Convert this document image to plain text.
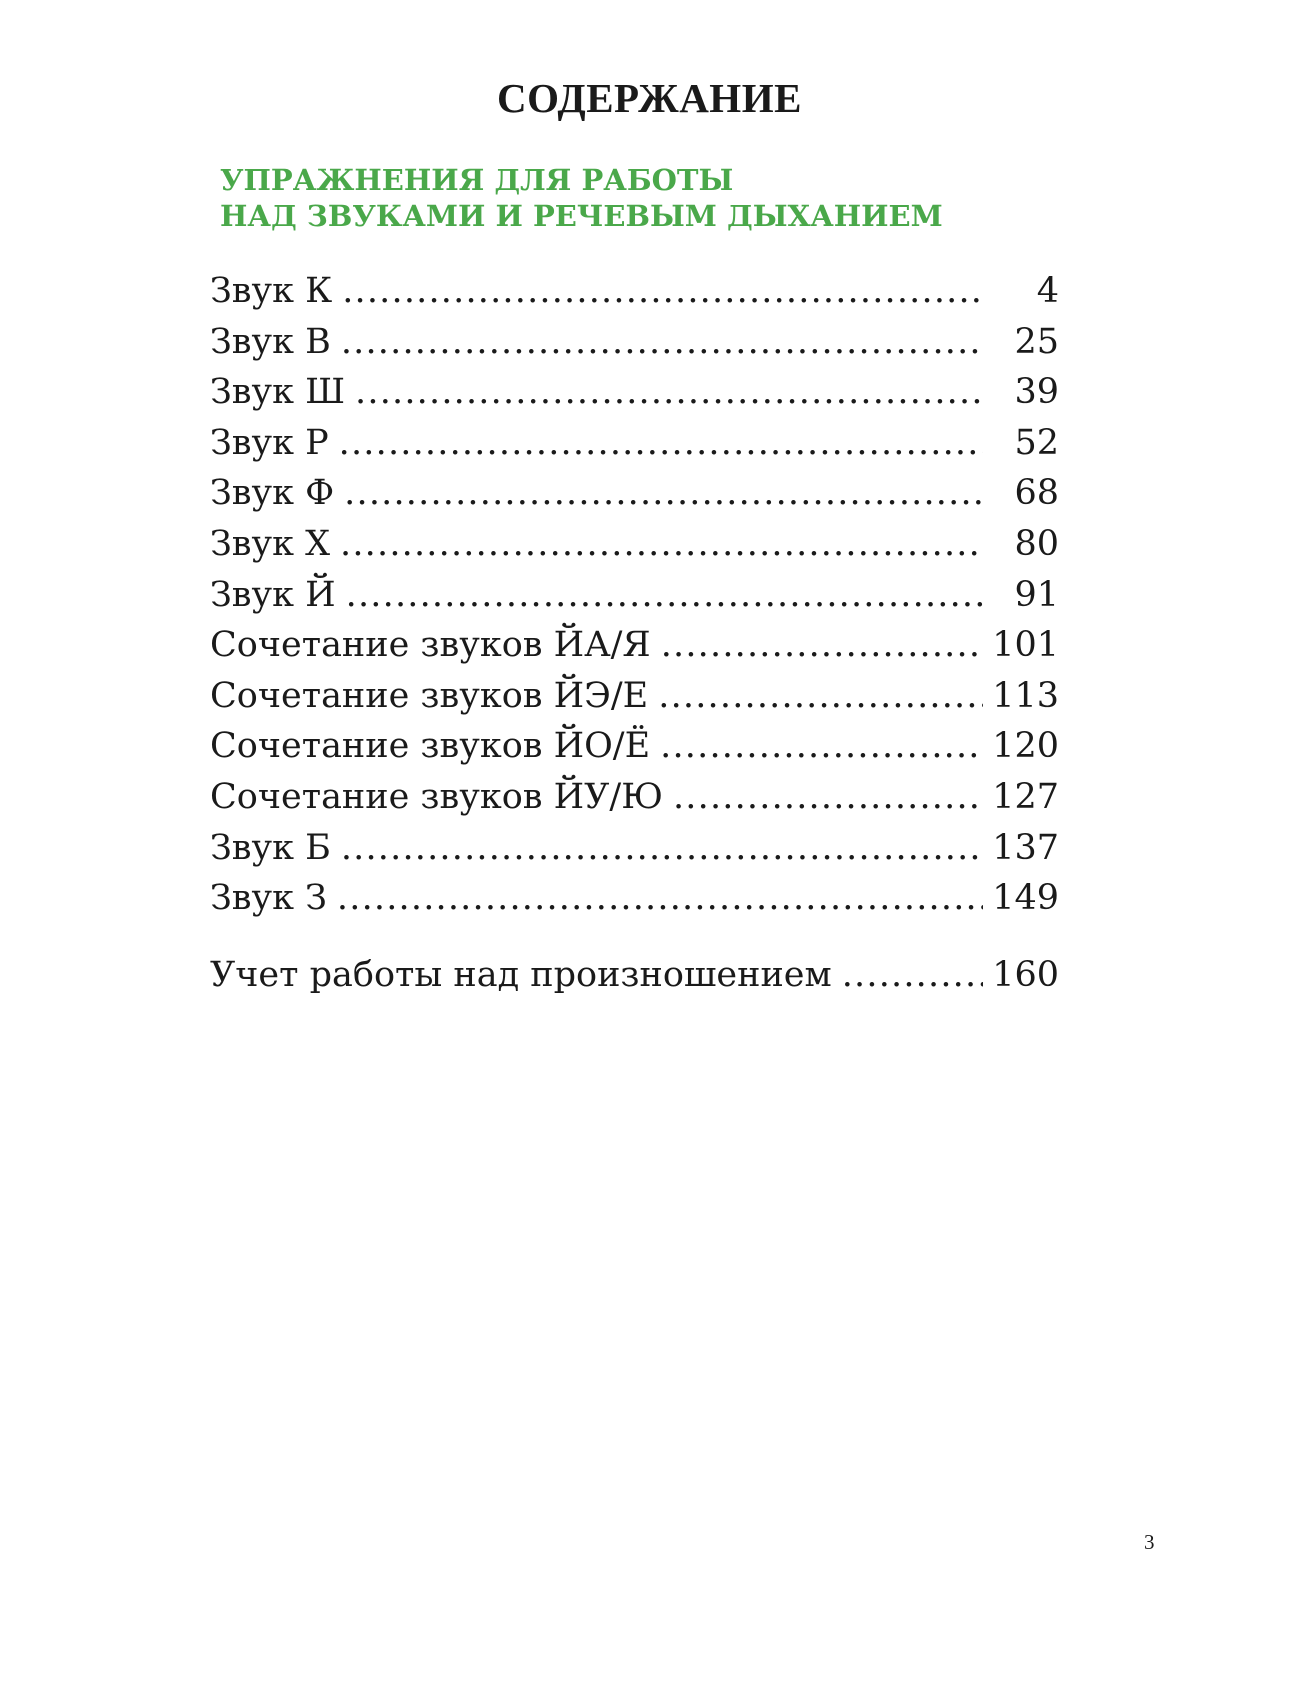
СОДЕРЖАНИЕ
УПРАЖНЕНИЯ ДЛЯ РАБОТЫ
НАД ЗВУКАМИ И РЕЧЕВЫМ ДЫХАНИЕМ
Звук К .....	4
Звук В .....	25
Звук Ш .....	39
Звук Р .....	52
Звук Ф .....	68
Звук Х .....	80
Звук Й .....	91
Сочетание звуков ЙА/Я .....	101
Сочетание звуков ЙЭ/Е .....	113
Сочетание звуков ЙО/Ё .....	120
Сочетание звуков ЙУ/Ю .....	127
Звук Б .....	137
Звук З .....	149
Учет работы над произношением .....	160
3
